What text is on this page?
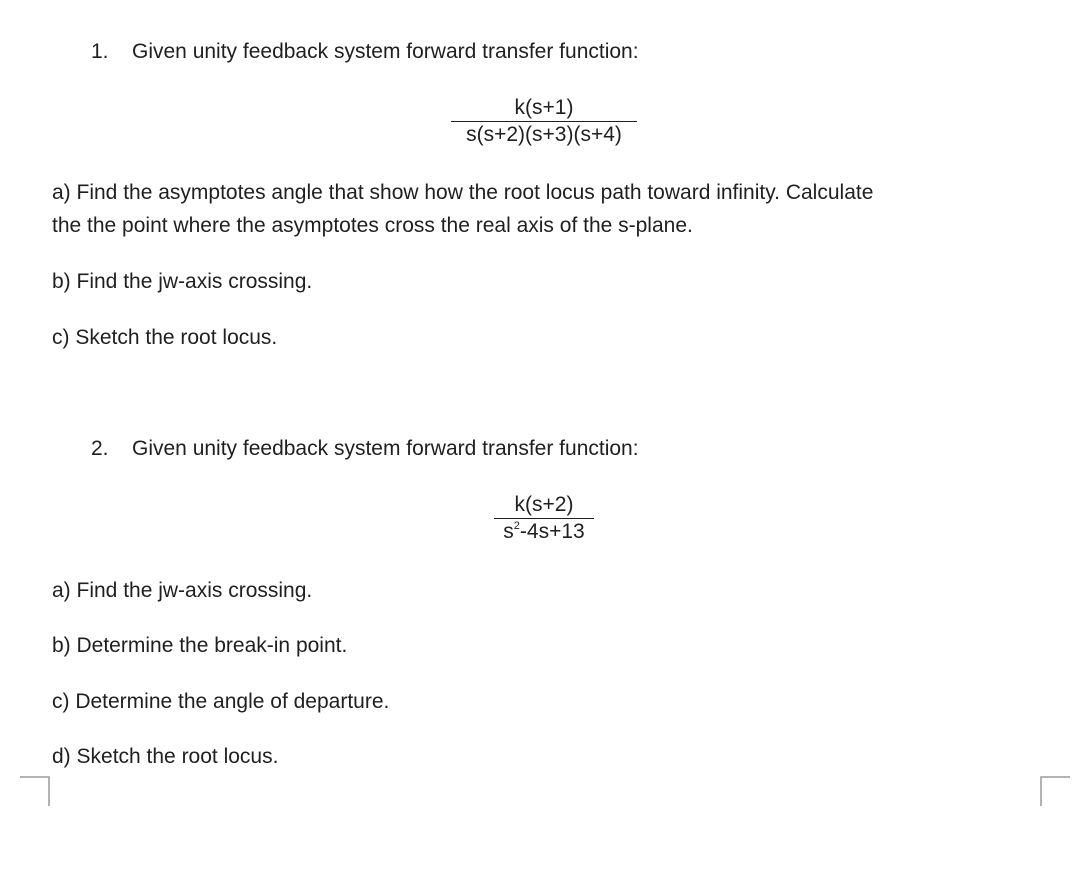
1. Given unity feedback system forward transfer function:
k(s+1)
s(s+2)(s+3)(s+4)
a) Find the asymptotes angle that show how the root locus path toward infinity. Calculate
the the point where the asymptotes cross the real axis of the s-plane.
b) Find the jw-axis crossing.
c) Sketch the root locus.
2. Given unity feedback system forward transfer function:
k(s+2)
$s^2-4s+13$
a) Find the jw-axis crossing.
b) Determine the break-in point.
c) Determine the angle of departure.
d) Sketch the root locus.
